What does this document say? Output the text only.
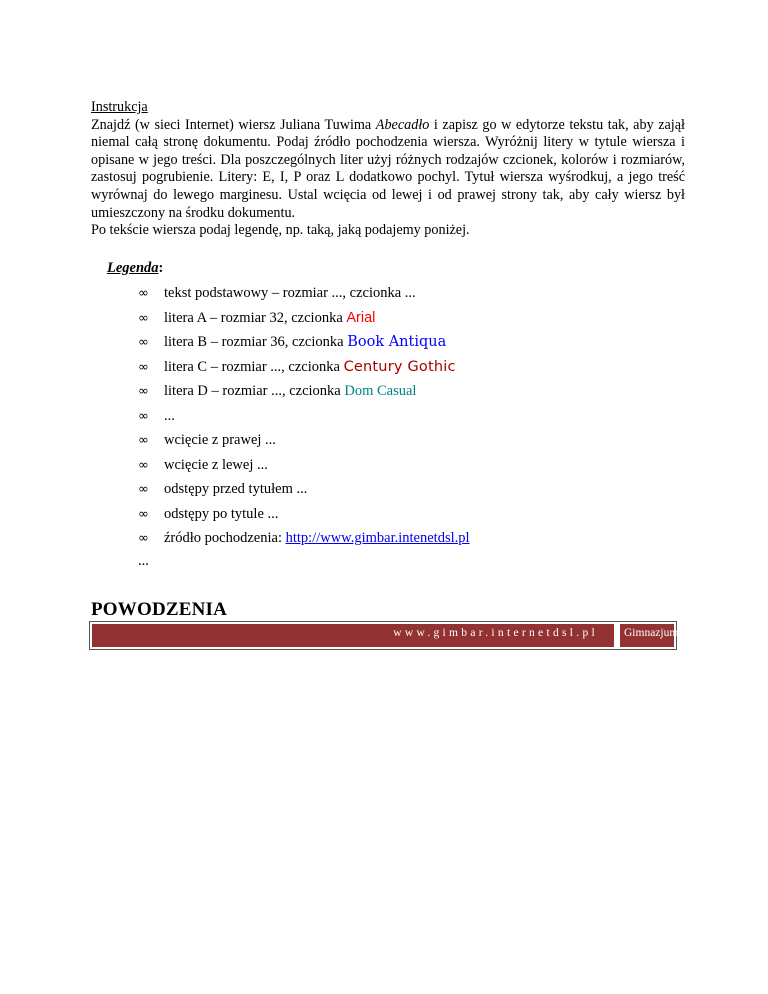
Instrukcja

Znajdź (w sieci Internet) wiersz Juliana Tuwima Abecadło i zapisz go w edytorze tekstu tak, aby zajął niemal całą stronę dokumentu. Podaj źródło pochodzenia wiersza. Wyróżnij litery w tytule wiersza i opisane w jego treści. Dla poszczególnych liter użyj różnych rodzajów czcionek, kolorów i rozmiarów, zastosuj pogrubienie. Litery: E, I, P oraz L dodatkowo pochyl. Tytuł wiersza wyśrodkuj, a jego treść wyrównaj do lewego marginesu. Ustal wcięcia od lewej i od prawej strony tak, aby cały wiersz był umieszczony na środku dokumentu.

Po tekście wiersza podaj legendę, np. taką, jaką podajemy poniżej.

Legenda:
∞ tekst podstawowy – rozmiar ..., czcionka ...
∞ litera A – rozmiar 32, czcionka Arial
∞ litera B – rozmiar 36, czcionka Book Antiqua
∞ litera C – rozmiar ..., czcionka Century Gothic
∞ litera D – rozmiar ..., czcionka Dom Casual
∞ ...
∞ wcięcie z prawej ...
∞ wcięcie z lewej ...
∞ odstępy przed tytułem ...
∞ odstępy po tytule ...
∞ źródło pochodzenia: http://www.gimbar.intenetdsl.pl
...
POWODZENIA
www.gimbar.internetdsl.pl Gimnazjum Barcin
